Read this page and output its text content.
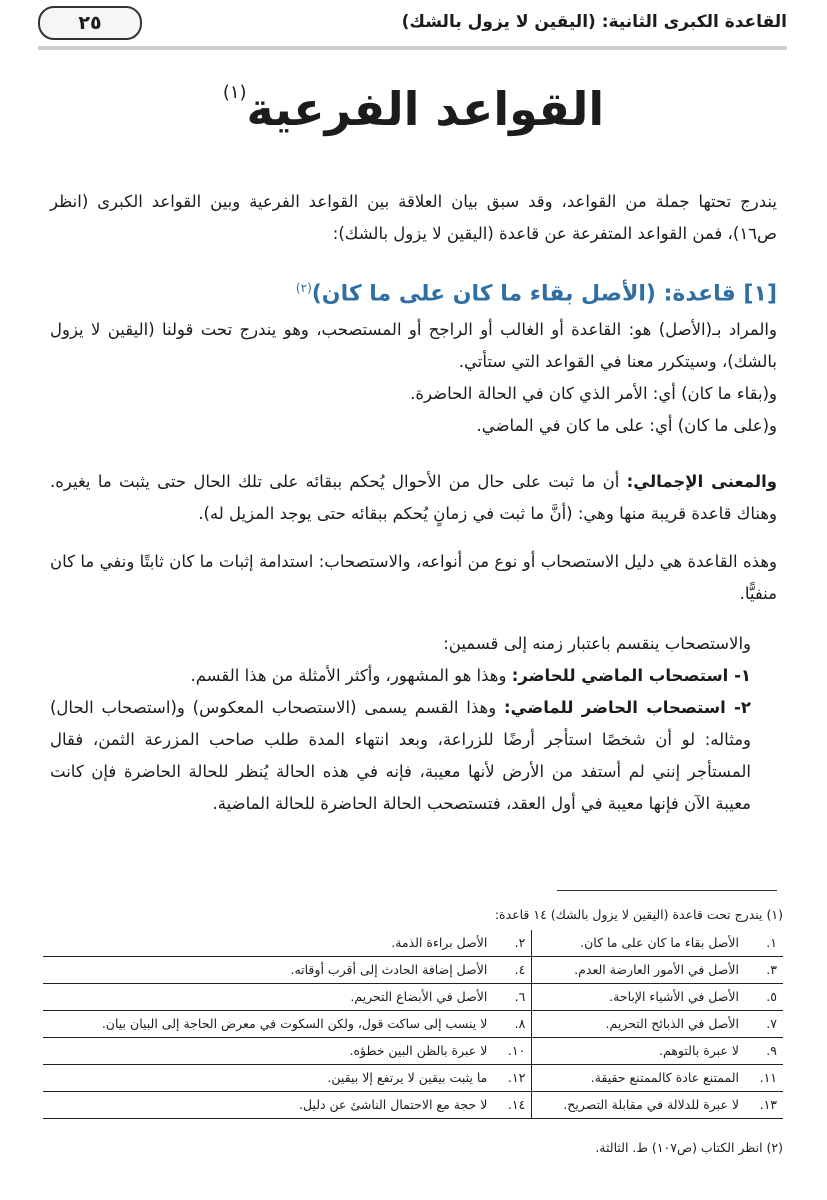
القاعدة الكبرى الثانية: (اليقين لا يزول بالشك)
٢٥
القواعد الفرعية$^{(١)}$
يندرج تحتها جملة من القواعد، وقد سبق بيان العلاقة بين القواعد الفرعية وبين القواعد الكبرى (انظر ص١٦)، فمن القواعد المتفرعة عن قاعدة (اليقين لا يزول بالشك):
[١] قاعدة: (الأصل بقاء ما كان على ما كان)$^{(٢)}$
والمراد بـ(الأصل) هو: القاعدة أو الغالب أو الراجح أو المستصحب، وهو يندرج تحت قولنا (اليقين لا يزول بالشك)، وسيتكرر معنا في القواعد التي ستأتي.
و(بقاء ما كان) أي: الأمر الذي كان في الحالة الحاضرة.
و(على ما كان) أي: على ما كان في الماضي.
والمعنى الإجمالي: أن ما ثبت على حال من الأحوال يُحكم ببقائه على تلك الحال حتى يثبت ما يغيره. وهناك قاعدة قريبة منها وهي: (أنَّ ما ثبت في زمانٍ يُحكم ببقائه حتى يوجد المزيل له).
وهذه القاعدة هي دليل الاستصحاب أو نوع من أنواعه، والاستصحاب: استدامة إثبات ما كان ثابتًا ونفي ما كان منفيًّا.
والاستصحاب ينقسم باعتبار زمنه إلى قسمين:
١- استصحاب الماضي للحاضر: وهذا هو المشهور، وأكثر الأمثلة من هذا القسم.
٢- استصحاب الحاضر للماضي: وهذا القسم يسمى (الاستصحاب المعكوس) و(استصحاب الحال) ومثاله: لو أن شخصًا استأجر أرضًا للزراعة، وبعد انتهاء المدة طلب صاحب المزرعة الثمن، فقال المستأجر إنني لم أستفد من الأرض لأنها معيبة، فإنه في هذه الحالة يُنظر للحالة الحاضرة فإن كانت معيبة الآن فإنها معيبة في أول العقد، فتستصحب الحالة الحاضرة للحالة الماضية.
(١) يندرج تحت قاعدة (اليقين لا يزول بالشك) ١٤ قاعدة:
١.	الأصل بقاء ما كان على ما كان.	٢.	الأصل براءة الذمة.
٣.	الأصل في الأمور العارضة العدم.	٤.	الأصل إضافة الحادث إلى أقرب أوقاته.
٥.	الأصل في الأشياء الإباحة.	٦.	الأصل في الأبضاع التحريم.
٧.	الأصل في الذبائح التحريم.	٨.	لا ينسب إلى ساكت قول، ولكن السكوت في معرض الحاجة إلى البيان بيان.
٩.	لا عبرة بالتوهم.	١٠.	لا عبرة بالظن البين خطؤه.
١١.	الممتنع عادة كالممتنع حقيقة.	١٢.	ما يثبت بيقين لا يرتفع إلا بيقين.
١٣.	لا عبرة للدلالة في مقابلة التصريح.	١٤.	لا حجة مع الاحتمال الناشئ عن دليل.
(٢) انظر الكتاب (ص١٠٧) ط. الثالثة.
